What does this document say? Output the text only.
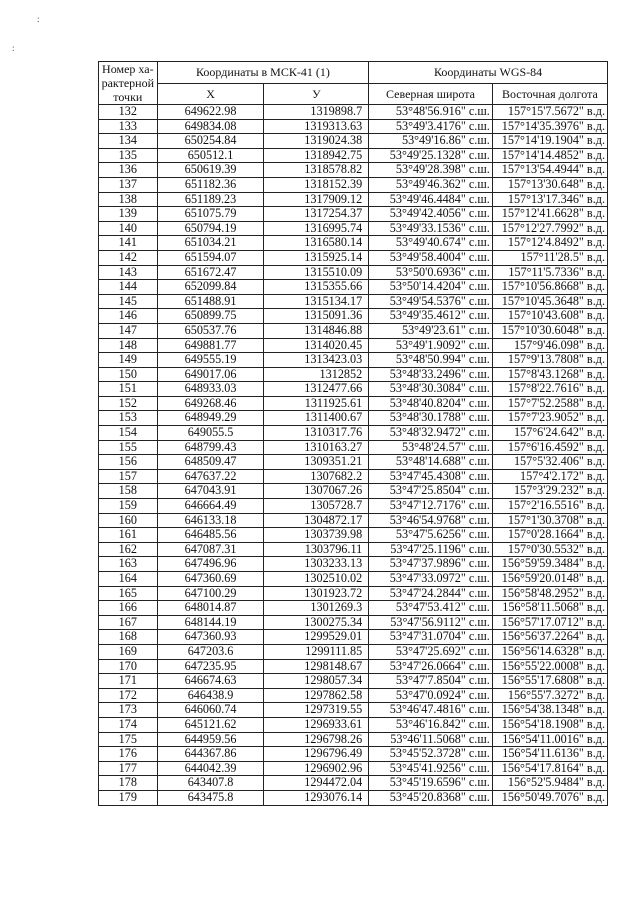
:
:
Номер ха-
рактерной
точки	Координаты в МСК-41 (1)		Координаты WGS-84	
	X	У	Северная широта	Восточная долгота
132	649622.98	1319898.7	53°48'56.916" с.ш.	157°15'7.5672" в.д.
133	649834.08	1319313.63	53°49'3.4176" с.ш.	157°14'35.3976" в.д.
134	650254.84	1319024.38	53°49'16.86" с.ш.	157°14'19.1904" в.д.
135	650512.1	1318942.75	53°49'25.1328" с.ш.	157°14'14.4852" в.д.
136	650619.39	1318578.82	53°49'28.398" с.ш.	157°13'54.4944" в.д.
137	651182.36	1318152.39	53°49'46.362" с.ш.	157°13'30.648" в.д.
138	651189.23	1317909.12	53°49'46.4484" с.ш.	157°13'17.346" в.д.
139	651075.79	1317254.37	53°49'42.4056" с.ш.	157°12'41.6628" в.д.
140	650794.19	1316995.74	53°49'33.1536" с.ш.	157°12'27.7992" в.д.
141	651034.21	1316580.14	53°49'40.674" с.ш.	157°12'4.8492" в.д.
142	651594.07	1315925.14	53°49'58.4004" с.ш.	157°11'28.5" в.д.
143	651672.47	1315510.09	53°50'0.6936" с.ш.	157°11'5.7336" в.д.
144	652099.84	1315355.66	53°50'14.4204" с.ш.	157°10'56.8668" в.д.
145	651488.91	1315134.17	53°49'54.5376" с.ш.	157°10'45.3648" в.д.
146	650899.75	1315091.36	53°49'35.4612" с.ш.	157°10'43.608" в.д.
147	650537.76	1314846.88	53°49'23.61" с.ш.	157°10'30.6048" в.д.
148	649881.77	1314020.45	53°49'1.9092" с.ш.	157°9'46.098" в.д.
149	649555.19	1313423.03	53°48'50.994" с.ш.	157°9'13.7808" в.д.
150	649017.06	1312852	53°48'33.2496" с.ш.	157°8'43.1268" в.д.
151	648933.03	1312477.66	53°48'30.3084" с.ш.	157°8'22.7616" в.д.
152	649268.46	1311925.61	53°48'40.8204" с.ш.	157°7'52.2588" в.д.
153	648949.29	1311400.67	53°48'30.1788" с.ш.	157°7'23.9052" в.д.
154	649055.5	1310317.76	53°48'32.9472" с.ш.	157°6'24.642" в.д.
155	648799.43	1310163.27	53°48'24.57" с.ш.	157°6'16.4592" в.д.
156	648509.47	1309351.21	53°48'14.688" с.ш.	157°5'32.406" в.д.
157	647637.22	1307682.2	53°47'45.4308" с.ш.	157°4'2.172" в.д.
158	647043.91	1307067.26	53°47'25.8504" с.ш.	157°3'29.232" в.д.
159	646664.49	1305728.7	53°47'12.7176" с.ш.	157°2'16.5516" в.д.
160	646133.18	1304872.17	53°46'54.9768" с.ш.	157°1'30.3708" в.д.
161	646485.56	1303739.98	53°47'5.6256" с.ш.	157°0'28.1664" в.д.
162	647087.31	1303796.11	53°47'25.1196" с.ш.	157°0'30.5532" в.д.
163	647496.96	1303233.13	53°47'37.9896" с.ш.	156°59'59.3484" в.д.
164	647360.69	1302510.02	53°47'33.0972" с.ш.	156°59'20.0148" в.д.
165	647100.29	1301923.72	53°47'24.2844" с.ш.	156°58'48.2952" в.д.
166	648014.87	1301269.3	53°47'53.412" с.ш.	156°58'11.5068" в.д.
167	648144.19	1300275.34	53°47'56.9112" с.ш.	156°57'17.0712" в.д.
168	647360.93	1299529.01	53°47'31.0704" с.ш.	156°56'37.2264" в.д.
169	647203.6	1299111.85	53°47'25.692" с.ш.	156°56'14.6328" в.д.
170	647235.95	1298148.67	53°47'26.0664" с.ш.	156°55'22.0008" в.д.
171	646674.63	1298057.34	53°47'7.8504" с.ш.	156°55'17.6808" в.д.
172	646438.9	1297862.58	53°47'0.0924" с.ш.	156°55'7.3272" в.д.
173	646060.74	1297319.55	53°46'47.4816" с.ш.	156°54'38.1348" в.д.
174	645121.62	1296933.61	53°46'16.842" с.ш.	156°54'18.1908" в.д.
175	644959.56	1296798.26	53°46'11.5068" с.ш.	156°54'11.0016" в.д.
176	644367.86	1296796.49	53°45'52.3728" с.ш.	156°54'11.6136" в.д.
177	644042.39	1296902.96	53°45'41.9256" с.ш.	156°54'17.8164" в.д.
178	643407.8	1294472.04	53°45'19.6596" с.ш.	156°52'5.9484" в.д.
179	643475.8	1293076.14	53°45'20.8368" с.ш.	156°50'49.7076" в.д.
